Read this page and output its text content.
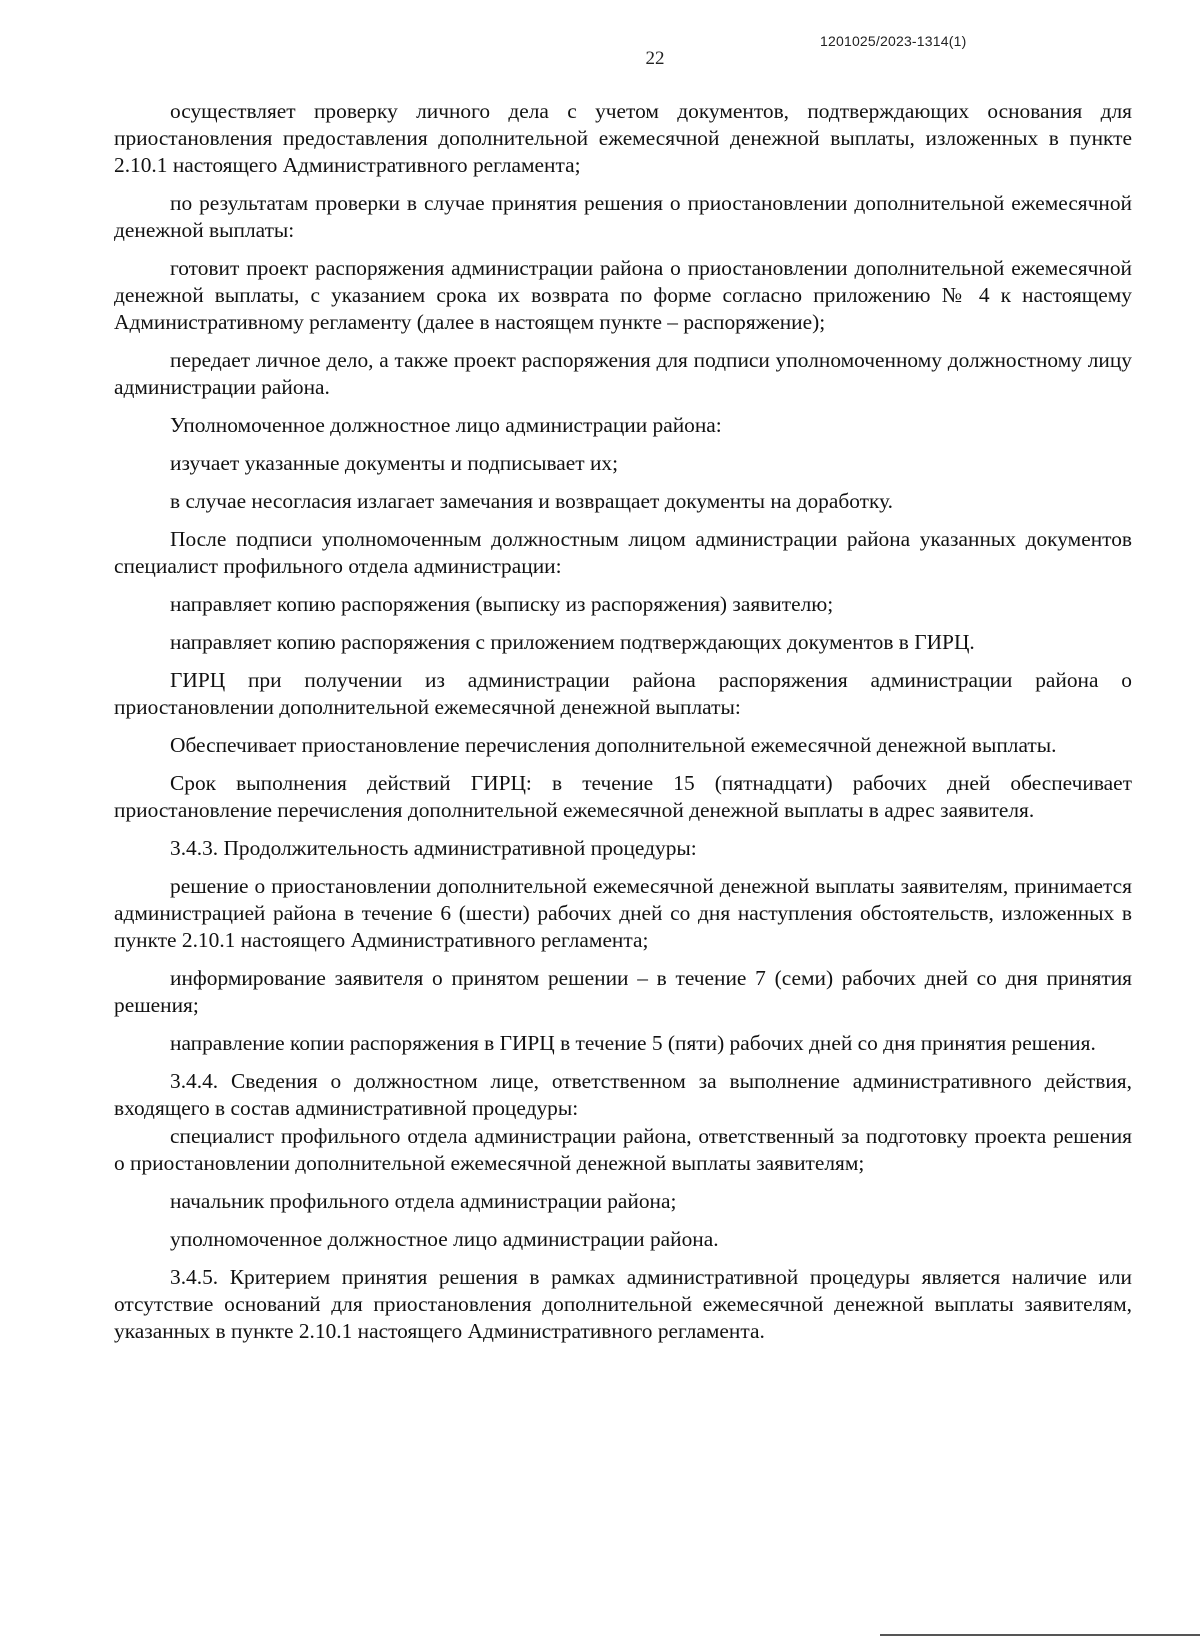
1201025/2023-1314(1)
22

осуществляет проверку личного дела с учетом документов, подтверждающих основания для приостановления предоставления дополнительной ежемесячной денежной выплаты, изложенных в пункте 2.10.1 настоящего Административного регламента;

по результатам проверки в случае принятия решения о приостановлении дополнительной ежемесячной денежной выплаты:

готовит проект распоряжения администрации района о приостановлении дополнительной ежемесячной денежной выплаты, с указанием срока их возврата по форме согласно приложению № 4 к настоящему Административному регламенту (далее в настоящем пункте – распоряжение);

передает личное дело, а также проект распоряжения для подписи уполномоченному должностному лицу администрации района.

Уполномоченное должностное лицо администрации района:

изучает указанные документы и подписывает их;

в случае несогласия излагает замечания и возвращает документы на доработку.

После подписи уполномоченным должностным лицом администрации района указанных документов специалист профильного отдела администрации:

направляет копию распоряжения (выписку из распоряжения) заявителю;

направляет копию распоряжения с приложением подтверждающих документов в ГИРЦ.

ГИРЦ при получении из администрации района распоряжения администрации района о приостановлении дополнительной ежемесячной денежной выплаты:

Обеспечивает приостановление перечисления дополнительной ежемесячной денежной выплаты.

Срок выполнения действий ГИРЦ: в течение 15 (пятнадцати) рабочих дней обеспечивает приостановление перечисления дополнительной ежемесячной денежной выплаты в адрес заявителя.

3.4.3. Продолжительность административной процедуры:

решение о приостановлении дополнительной ежемесячной денежной выплаты заявителям, принимается администрацией района в течение 6 (шести) рабочих дней со дня наступления обстоятельств, изложенных в пункте 2.10.1 настоящего Административного регламента;

информирование заявителя о принятом решении – в течение 7 (семи) рабочих дней со дня принятия решения;

направление копии распоряжения в ГИРЦ в течение 5 (пяти) рабочих дней со дня принятия решения.

3.4.4. Сведения о должностном лице, ответственном за выполнение административного действия, входящего в состав административной процедуры:

специалист профильного отдела администрации района, ответственный за подготовку проекта решения о приостановлении дополнительной ежемесячной денежной выплаты заявителям;

начальник профильного отдела администрации района;

уполномоченное должностное лицо администрации района.

3.4.5. Критерием принятия решения в рамках административной процедуры является наличие или отсутствие оснований для приостановления дополнительной ежемесячной денежной выплаты заявителям, указанных в пункте 2.10.1 настоящего Административного регламента.
